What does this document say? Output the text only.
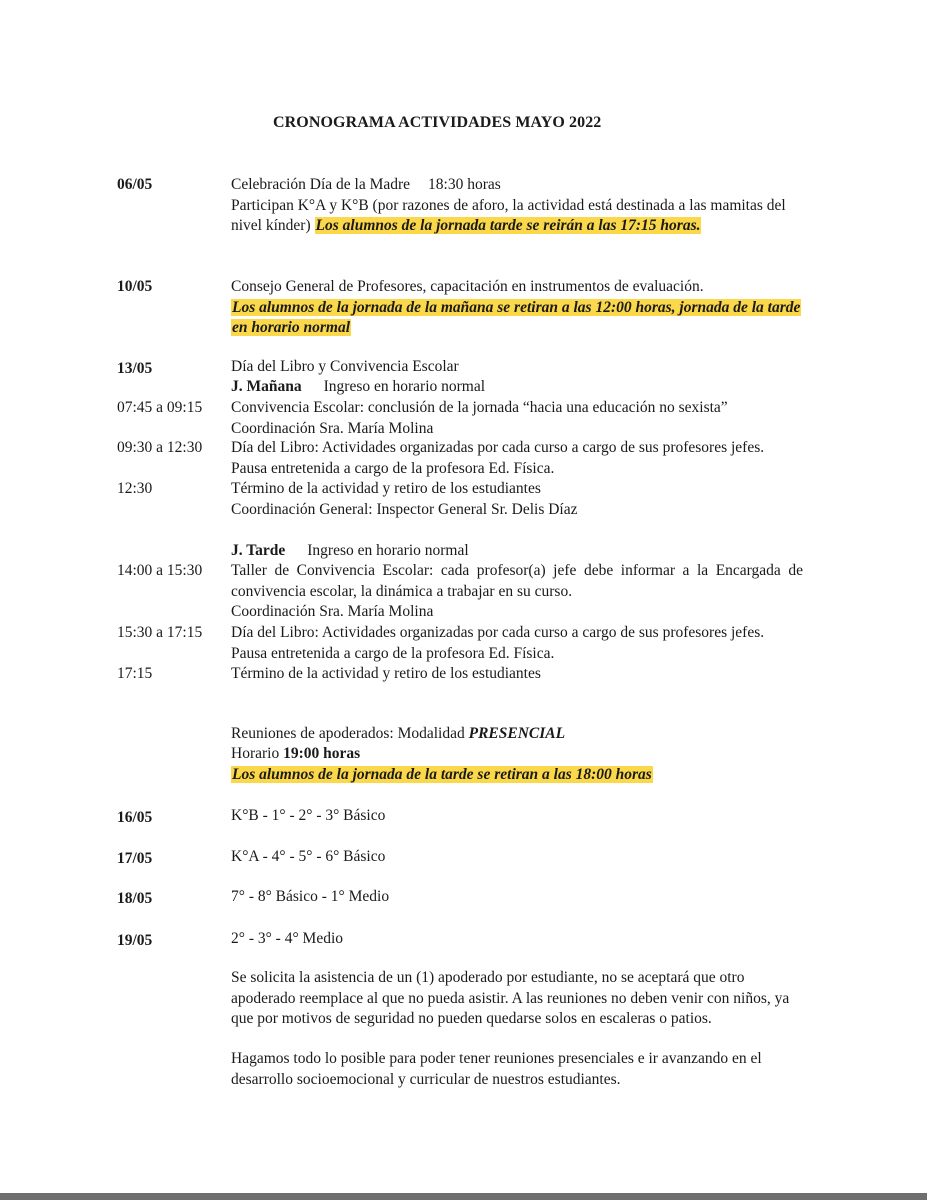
CRONOGRAMA ACTIVIDADES MAYO 2022
06/05	Celebración Día de la Madre 18:30 horas
Participan K°A y K°B (por razones de aforo, la actividad está destinada a las mamitas del nivel kínder) Los alumnos de la jornada tarde se reirán a las 17:15 horas.
10/05	Consejo General de Profesores, capacitación en instrumentos de evaluación.
Los alumnos de la jornada de la mañana se retiran a las 12:00 horas, jornada de la tarde en horario normal
13/05	Día del Libro y Convivencia Escolar
J. Mañana Ingreso en horario normal
07:45 a 09:15 Convivencia Escolar: conclusión de la jornada “hacia una educación no sexista”
Coordinación Sra. María Molina
09:30 a 12:30 Día del Libro: Actividades organizadas por cada curso a cargo de sus profesores jefes. Pausa entretenida a cargo de la profesora Ed. Física.
12:30	Término de la actividad y retiro de los estudiantes
Coordinación General: Inspector General Sr. Delis Díaz
J. Tarde Ingreso en horario normal
14:00 a 15:30 Taller de Convivencia Escolar: cada profesor(a) jefe debe informar a la Encargada de convivencia escolar, la dinámica a trabajar en su curso.
Coordinación Sra. María Molina
15:30 a 17:15 Día del Libro: Actividades organizadas por cada curso a cargo de sus profesores jefes. Pausa entretenida a cargo de la profesora Ed. Física.
17:15	Término de la actividad y retiro de los estudiantes
Reuniones de apoderados: Modalidad PRESENCIAL
Horario 19:00 horas
Los alumnos de la jornada de la tarde se retiran a las 18:00 horas
16/05	K°B - 1° - 2° - 3° Básico
17/05	K°A - 4° - 5° - 6° Básico
18/05	7° - 8° Básico - 1° Medio
19/05	2° - 3° - 4° Medio
Se solicita la asistencia de un (1) apoderado por estudiante, no se aceptará que otro apoderado reemplace al que no pueda asistir. A las reuniones no deben venir con niños, ya que por motivos de seguridad no pueden quedarse solos en escaleras o patios.
Hagamos todo lo posible para poder tener reuniones presenciales e ir avanzando en el desarrollo socioemocional y curricular de nuestros estudiantes.
